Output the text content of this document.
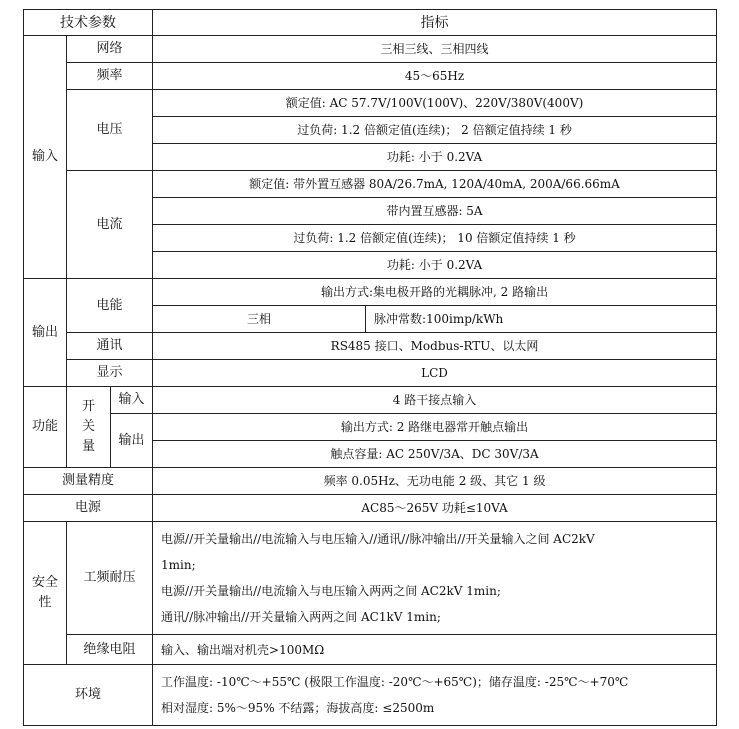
技术参数			指标	
输入	网络		三相三线、三相四线	
	频率		45～65Hz	
	电压		额定值: AC 57.7V/100V(100V)、220V/380V(400V)	
			过负荷: 1.2 倍额定值(连续)； 2 倍额定值持续 1 秒	
			功耗: 小于 0.2VA	
	电流		额定值: 带外置互感器 80A/26.7mA, 120A/40mA, 200A/66.66mA	
			带内置互感器: 5A	
			过负荷: 1.2 倍额定值(连续)； 10 倍额定值持续 1 秒	
			功耗: 小于 0.2VA	
输出	电能		输出方式:集电极开路的光耦脉冲, 2 路输出	
			三相	脉冲常数:100imp/kWh
	通讯		RS485 接口、Modbus-RTU、以太网	
	显示		LCD	
功能	开关量	输入	4 路干接点输入	
		输出	输出方式: 2 路继电器常开触点输出	
			触点容量: AC 250V/3A、DC 30V/3A	
测量精度			频率 0.05Hz、无功电能 2 级、其它 1 级	
电源			AC85～265V 功耗≤10VA	
安全性	工频耐压		电源//开关量输出//电流输入与电压输入//通讯//脉冲输出//开关量输入之间 AC2kV
1min;
电源//开关量输出//电流输入与电压输入两两之间 AC2kV 1min;
通讯//脉冲输出//开关量输入两两之间 AC1kV 1min;	

	绝缘电阻		输入、输出端对机壳>100MΩ	
环境			工作温度: -10℃～+55℃ (极限工作温度: -20℃～+65℃)；储存温度: -25℃～+70℃
相对湿度: 5%～95% 不结露；海拔高度: ≤2500m	
